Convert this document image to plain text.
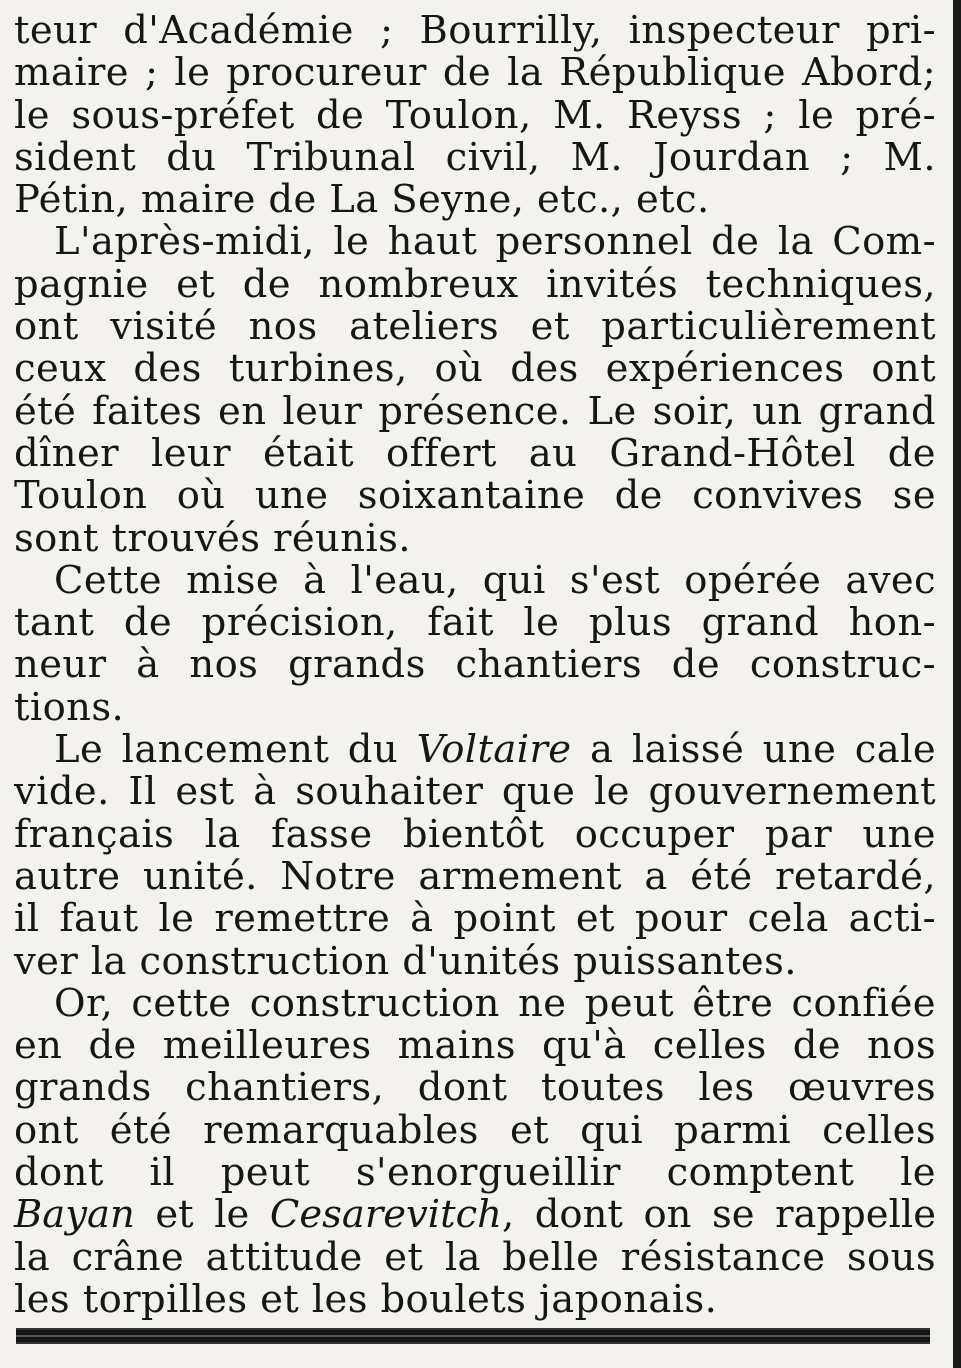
teur d'Académie ; Bourrilly, inspecteur pri-
maire ; le procureur de la République Abord;
le sous-préfet de Toulon, M. Reyss ; le pré-
sident du Tribunal civil, M. Jourdan ; M.
Pétin, maire de La Seyne, etc., etc.
L'après-midi, le haut personnel de la Com-
pagnie et de nombreux invités techniques,
ont visité nos ateliers et particulièrement
ceux des turbines, où des expériences ont
été faites en leur présence. Le soir, un grand
dîner leur était offert au Grand-Hôtel de
Toulon où une soixantaine de convives se
sont trouvés réunis.
Cette mise à l'eau, qui s'est opérée avec
tant de précision, fait le plus grand hon-
neur à nos grands chantiers de construc-
tions.
Le lancement du Voltaire a laissé une cale
vide. Il est à souhaiter que le gouvernement
français la fasse bientôt occuper par une
autre unité. Notre armement a été retardé,
il faut le remettre à point et pour cela acti-
ver la construction d'unités puissantes.
Or, cette construction ne peut être confiée
en de meilleures mains qu'à celles de nos
grands chantiers, dont toutes les œuvres
ont été remarquables et qui parmi celles
dont il peut s'enorgueillir comptent le
Bayan et le Cesarevitch, dont on se rappelle
la crâne attitude et la belle résistance sous
les torpilles et les boulets japonais.
